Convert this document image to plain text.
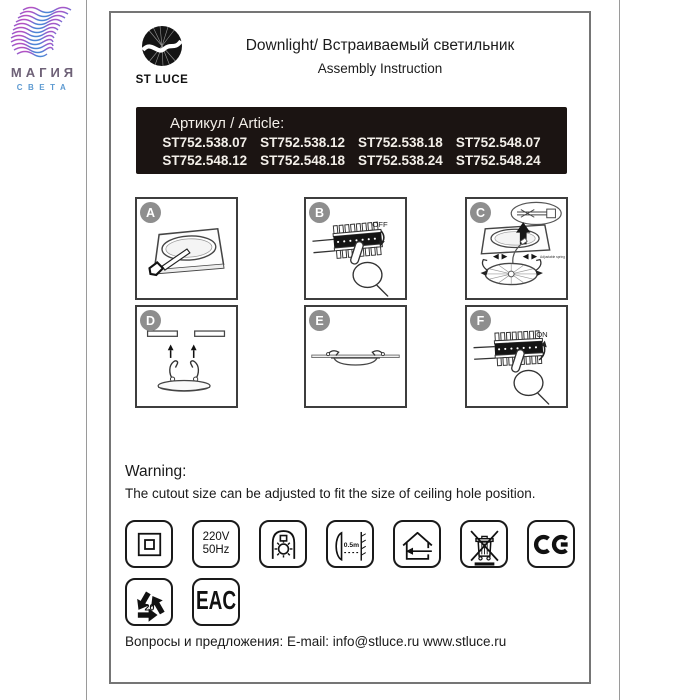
МАГИЯ
СВЕТА
ST LUCE
Downlight/ Встраиваемый светильник
Assembly Instruction
Артикул / Article:
ST752.538.07 ST752.538.12 ST752.538.18 ST752.548.07
ST752.548.12 ST752.548.18 ST752.538.24 ST752.548.24
A	B
OFF
C
Adjustable spring
D	E	F
ON
Warning:
The cutout size can be adjusted to fit the size of ceiling hole position.
220V
50Hz	0.5m
20 EAC
Вопросы и предложения: E-mail: info@stluce.ru www.stluce.ru
